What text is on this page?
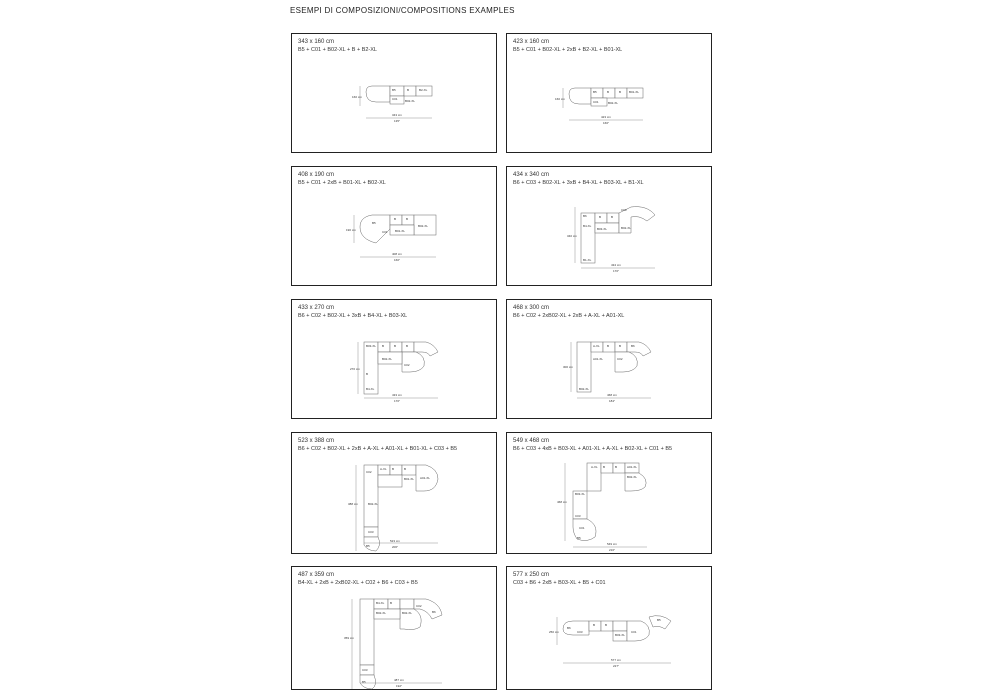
ESEMPI DI COMPOSIZIONI/COMPOSITIONS EXAMPLES
343 x 160 cm
B5 + C01 + B02-XL + B + B2-XL
B5
C01
B	B2-XL
B02-XL
343 cm
135"
160 cm
423 x 160 cm
B5 + C01 + B02-XL + 2xB + B2-XL + B01-XL
B5
C01
B	B	B01-XL
B02-XL
423 cm
166"
160 cm
408 x 190 cm
B5 + C01 + 2xB + B01-XL + B02-XL
B5
C01
B	B
B01-XL
B02-XL
408 cm
160"
190 cm
434 x 340 cm
B6 + C03 + B02-XL + 3xB + B4-XL + B03-XL + B1-XL
B6
C03
B	B
B4-XL
B03-XL	B02-XL
B1-XL
434 cm
170"
340 cm
433 x 270 cm
B6 + C02 + B02-XL + 3xB + B4-XL + B03-XL
B03-XL B	B	B
C02
B02-XL
B
B4-XL
433 cm
170"
270 cm
468 x 300 cm
B6 + C02 + 2xB02-XL + 2xB + A-XL + A01-XL
A-XL B	B	B6
A01-XL	C02
B02-XL
468 cm
184"
300 cm
523 x 388 cm
B6 + C02 + B02-XL + 2xB + A-XL + A01-XL + B01-XL + C03 + B5
A-XL B	B
B01-XL
C02
B02-XL
C03
B5
A01-XL
523 cm
206"
388 cm
549 x 468 cm
B6 + C03 + 4xB + B03-XL + A01-XL + A-XL + B02-XL + C01 + B5
A-XL B	B	A01-XL
B02-XL
B03-XL
C03
B5
C01
549 cm
216"
468 cm
487 x 359 cm
B4-XL + 2xB + 2xB02-XL + C02 + B6 + C03 + B5
B4-XL B
B02-XL	B02-XL
C02
B6
C03
B5	487 cm
192"
359 cm
577 x 250 cm
C03 + B6 + 2xB + B03-XL + B5 + C01
B6
C03
B	B
B03-XL
C01
B5
577 cm
227"
250 cm
